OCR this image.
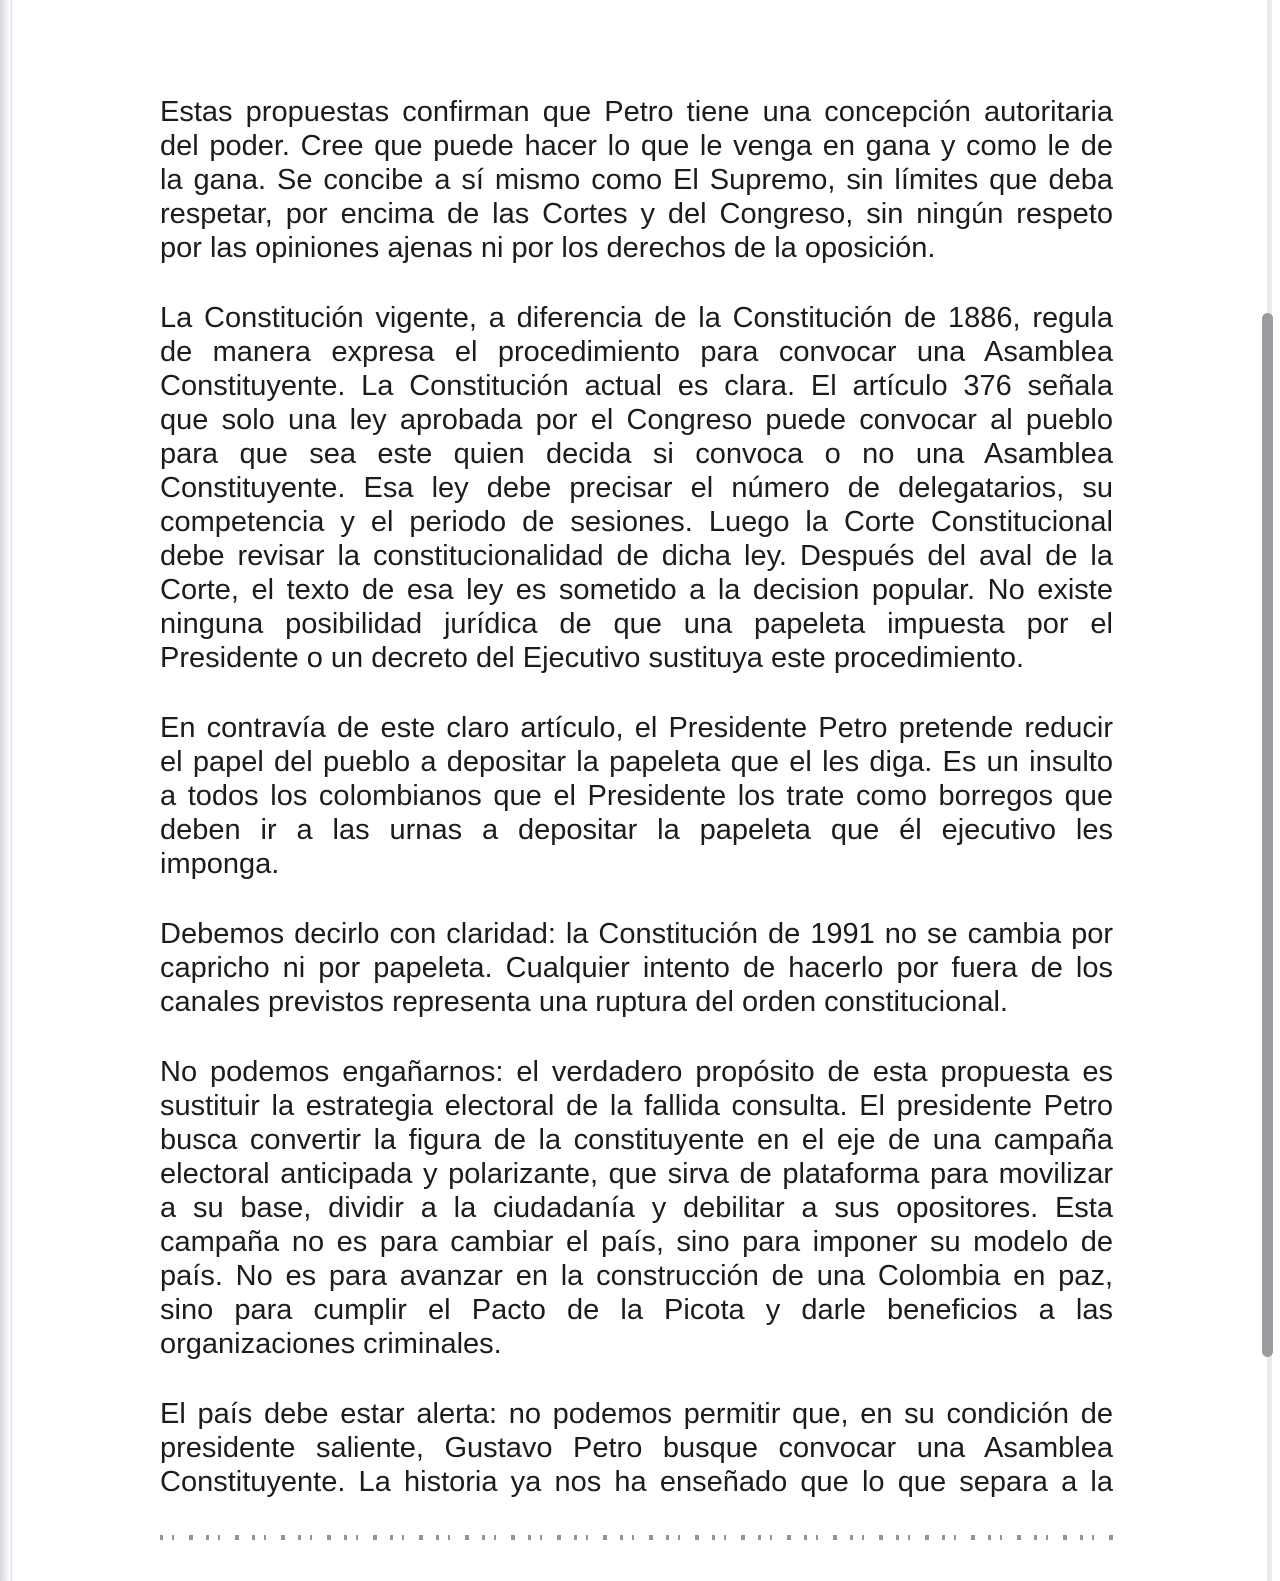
Estas propuestas confirman que Petro tiene una concepción autoritaria
del poder. Cree que puede hacer lo que le venga en gana y como le de
la gana. Se concibe a sí mismo como El Supremo, sin límites que deba
respetar, por encima de las Cortes y del Congreso, sin ningún respeto
por las opiniones ajenas ni por los derechos de la oposición.
La Constitución vigente, a diferencia de la Constitución de 1886, regula
de manera expresa el procedimiento para convocar una Asamblea
Constituyente. La Constitución actual es clara. El artículo 376 señala
que solo una ley aprobada por el Congreso puede convocar al pueblo
para que sea este quien decida si convoca o no una Asamblea
Constituyente. Esa ley debe precisar el número de delegatarios, su
competencia y el periodo de sesiones. Luego la Corte Constitucional
debe revisar la constitucionalidad de dicha ley. Después del aval de la
Corte, el texto de esa ley es sometido a la decision popular. No existe
ninguna posibilidad jurídica de que una papeleta impuesta por el
Presidente o un decreto del Ejecutivo sustituya este procedimiento.
En contravía de este claro artículo, el Presidente Petro pretende reducir
el papel del pueblo a depositar la papeleta que el les diga. Es un insulto
a todos los colombianos que el Presidente los trate como borregos que
deben ir a las urnas a depositar la papeleta que él ejecutivo les
imponga.
Debemos decirlo con claridad: la Constitución de 1991 no se cambia por
capricho ni por papeleta. Cualquier intento de hacerlo por fuera de los
canales previstos representa una ruptura del orden constitucional.
No podemos engañarnos: el verdadero propósito de esta propuesta es
sustituir la estrategia electoral de la fallida consulta. El presidente Petro
busca convertir la figura de la constituyente en el eje de una campaña
electoral anticipada y polarizante, que sirva de plataforma para movilizar
a su base, dividir a la ciudadanía y debilitar a sus opositores. Esta
campaña no es para cambiar el país, sino para imponer su modelo de
país. No es para avanzar en la construcción de una Colombia en paz,
sino para cumplir el Pacto de la Picota y darle beneficios a las
organizaciones criminales.
El país debe estar alerta: no podemos permitir que, en su condición de
presidente saliente, Gustavo Petro busque convocar una Asamblea
Constituyente. La historia ya nos ha enseñado que lo que separa a la
